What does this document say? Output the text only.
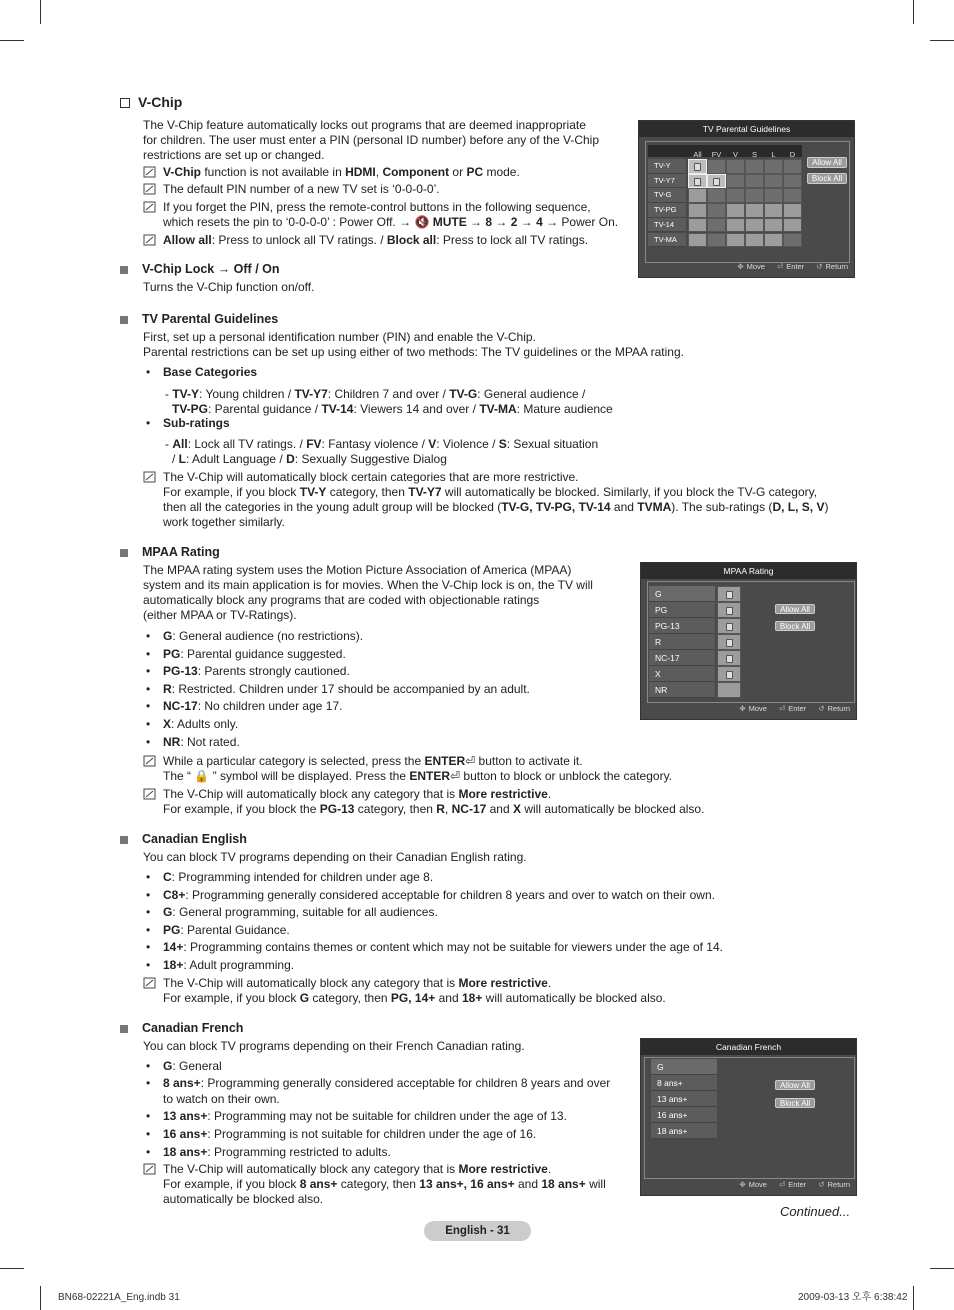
V-Chip
The V-Chip feature automatically locks out programs that are deemed inappropriate
for children. The user must enter a PIN (personal ID number) before any of the V-Chip
restrictions are set up or changed.
V-Chip function is not available in HDMI, Component or PC mode.
The default PIN number of a new TV set is ‘0-0-0-0’.
If you forget the PIN, press the remote-control buttons in the following sequence,
which resets the pin to ‘0-0-0-0’ : Power Off. → 🔇 MUTE → 8 → 2 → 4 → Power On.
Allow all: Press to unlock all TV ratings. / Block all: Press to lock all TV ratings.
V-Chip Lock → Off / On
Turns the V-Chip function on/off.
TV Parental Guidelines
First, set up a personal identification number (PIN) and enable the V-Chip.
Parental restrictions can be set up using either of two methods: The TV guidelines or the MPAA rating.
•	Base Categories
- TV-Y: Young children / TV-Y7: Children 7 and over / TV-G: General audience /
TV-PG: Parental guidance / TV-14: Viewers 14 and over / TV-MA: Mature audience
•	Sub-ratings
- All: Lock all TV ratings. / FV: Fantasy violence / V: Violence / S: Sexual situation
/ L: Adult Language / D: Sexually Suggestive Dialog
The V-Chip will automatically block certain categories that are more restrictive.
For example, if you block TV-Y category, then TV-Y7 will automatically be blocked. Similarly, if you block the TV-G category,
then all the categories in the young adult group will be blocked (TV-G, TV-PG, TV-14 and TVMA). The sub-ratings (D, L, S, V)
work together similarly.
MPAA Rating
The MPAA rating system uses the Motion Picture Association of America (MPAA)
system and its main application is for movies. When the V-Chip lock is on, the TV will
automatically block any programs that are coded with objectionable ratings
(either MPAA or TV-Ratings).
•	G: General audience (no restrictions).
•	PG: Parental guidance suggested.
•	PG-13: Parents strongly cautioned.
•	R: Restricted. Children under 17 should be accompanied by an adult.
•	NC-17: No children under age 17.
•	X: Adults only.
•	NR: Not rated.
While a particular category is selected, press the ENTER⏎ button to activate it.
The “ 🔒 ” symbol will be displayed. Press the ENTER⏎ button to block or unblock the category.
The V-Chip will automatically block any category that is More restrictive.
For example, if you block the PG-13 category, then R, NC-17 and X will automatically be blocked also.
Canadian English
You can block TV programs depending on their Canadian English rating.
•	C: Programming intended for children under age 8.
•	C8+: Programming generally considered acceptable for children 8 years and over to watch on their own.
•	G: General programming, suitable for all audiences.
•	PG: Parental Guidance.
•	14+: Programming contains themes or content which may not be suitable for viewers under the age of 14.
•	18+: Adult programming.
The V-Chip will automatically block any category that is More restrictive.
For example, if you block G category, then PG, 14+ and 18+ will automatically be blocked also.
Canadian French
You can block TV programs depending on their French Canadian rating.
•	G: General
•	8 ans+: Programming generally considered acceptable for children 8 years and over
•	13 ans+: Programming may not be suitable for children under the age of 13.
•	16 ans+: Programming is not suitable for children under the age of 16.
•	18 ans+: Programming restricted to adults.
to watch on their own.
The V-Chip will automatically block any category that is More restrictive.
For example, if you block 8 ans+ category, then 13 ans+, 16 ans+ and 18 ans+ will
automatically be blocked also.
TV Parental Guidelines
All	FV	V	S	L	D
TV-Y
TV-Y7
TV-G
TV-PG
TV-14
TV-MA
Allow All
Block All
✥ Move ⏎ Enter ↺ Return
MPAA Rating
G
PG
PG-13
R
NC-17
X
NR
Allow All
Block All
✥ Move ⏎ Enter ↺ Return
Canadian French
G
8 ans+
13 ans+
16 ans+
18 ans+
Allow All
Block All
✥ Move ⏎ Enter ↺ Return
Continued...
English - 31
BN68-02221A_Eng.indb 31	2009-03-13 오후 6:38:42
